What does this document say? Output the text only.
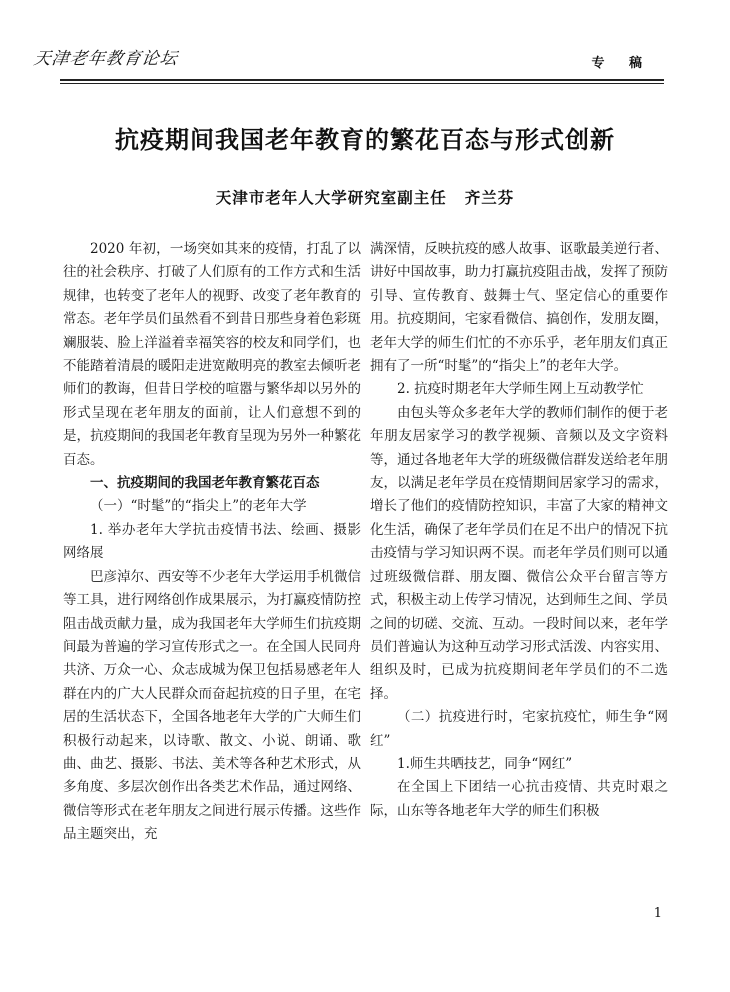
天津老年教育论坛	专 稿
抗疫期间我国老年教育的繁花百态与形式创新
天津市老年人大学研究室副主任 齐兰芬

2020 年初，一场突如其来的疫情，打乱了以往的社会秩序、打破了人们原有的工作方式和生活规律，也转变了老年人的视野、改变了老年教育的常态。老年学员们虽然看不到昔日那些身着色彩斑斓服装、脸上洋溢着幸福笑容的校友和同学们，也不能踏着清晨的暖阳走进宽敞明亮的教室去倾听老师们的教诲，但昔日学校的喧嚣与繁华却以另外的形式呈现在老年朋友的面前，让人们意想不到的是，抗疫期间的我国老年教育呈现为另外一种繁花百态。

一、抗疫期间的我国老年教育繁花百态

（一）“时髦”的“指尖上”的老年大学

1. 举办老年大学抗击疫情书法、绘画、摄影网络展

巴彦淖尔、西安等不少老年大学运用手机微信等工具，进行网络创作成果展示，为打赢疫情防控阻击战贡献力量，成为我国老年大学师生们抗疫期间最为普遍的学习宣传形式之一。在全国人民同舟共济、万众一心、众志成城为保卫包括易感老年人群在内的广大人民群众而奋起抗疫的日子里，在宅居的生活状态下，全国各地老年大学的广大师生们积极行动起来，以诗歌、散文、小说、朗诵、歌曲、曲艺、摄影、书法、美术等各种艺术形式，从多角度、多层次创作出各类艺术作品，通过网络、微信等形式在老年朋友之间进行展示传播。这些作品主题突出，充

满深情，反映抗疫的感人故事、讴歌最美逆行者、讲好中国故事，助力打赢抗疫阻击战，发挥了预防引导、宣传教育、鼓舞士气、坚定信心的重要作用。抗疫期间，宅家看微信、搞创作，发朋友圈，老年大学的师生们忙的不亦乐乎，老年朋友们真正拥有了一所“时髦”的“指尖上”的老年大学。

2. 抗疫时期老年大学师生网上互动教学忙

由包头等众多老年大学的教师们制作的便于老年朋友居家学习的教学视频、音频以及文字资料等，通过各地老年大学的班级微信群发送给老年朋友，以满足老年学员在疫情期间居家学习的需求，增长了他们的疫情防控知识，丰富了大家的精神文化生活，确保了老年学员们在足不出户的情况下抗击疫情与学习知识两不误。而老年学员们则可以通过班级微信群、朋友圈、微信公众平台留言等方式，积极主动上传学习情况，达到师生之间、学员之间的切磋、交流、互动。一段时间以来，老年学员们普遍认为这种互动学习形式活泼、内容实用、组织及时，已成为抗疫期间老年学员们的不二选择。

（二）抗疫进行时，宅家抗疫忙，师生争“网红”

1.师生共晒技艺，同争“网红”

在全国上下团结一心抗击疫情、共克时艰之际，山东等各地老年大学的师生们积极

1
